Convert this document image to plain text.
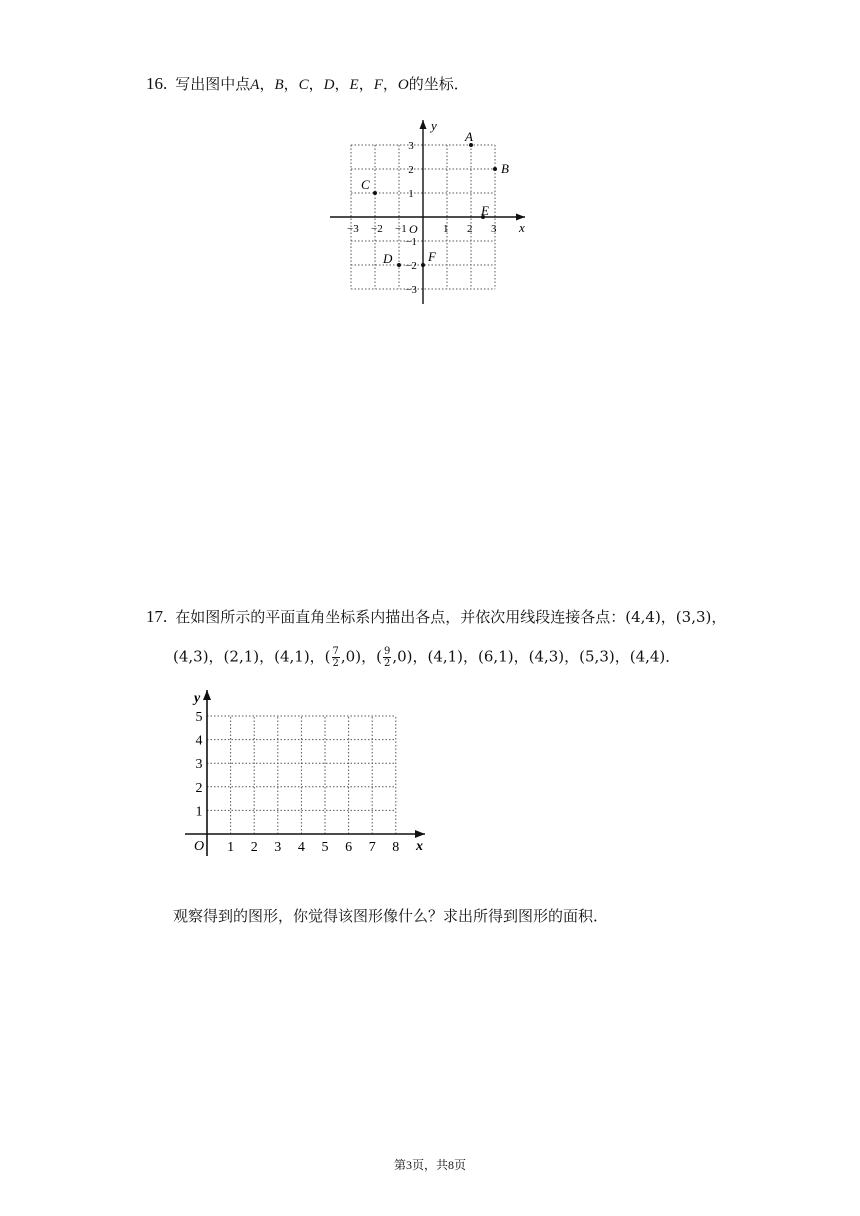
16. 写出图中点A，B，C，D，E，F，O的坐标．
x
y
−3 −2 −1	1 2 3
3
2
1
−1
−2
−3
O
A
B
C
D
E
F
17. 在如图所示的平面直角坐标系内描出各点，并依次用线段连接各点：(4,4)，(3,3)，
(4,3)，(2,1)，(4,1)，( $\frac{7}{2} ,0$)，( $\frac{9}{2} ,0$)，(4,1)，(6,1)，(4,3)，(5,3)，(4,4)．
x
y
O 1 2 3 4 5 6 7 8
1
2
3
4
5
观察得到的图形，你觉得该图形像什么？求出所得到图形的面积．
第3页，共8页
